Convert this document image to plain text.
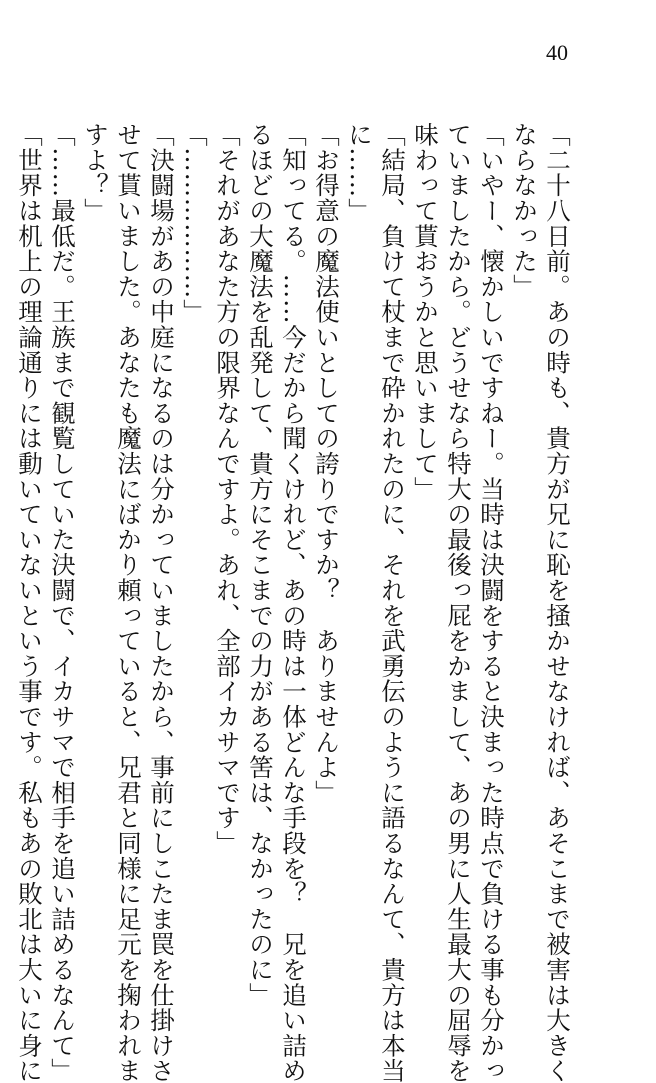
40
「二十八日前。あの時も、貴方が兄に恥を掻かせなければ、あそこまで被害は大きく
ならなかった」
「いやー、懐かしいですねー。当時は決闘をすると決まった時点で負ける事も分かっ
ていましたから。どうせなら特大の最後っ屁をかまして、あの男に人生最大の屈辱を
味わって貰おうかと思いまして」
「結局、負けて杖まで砕かれたのに、それを武勇伝のように語るなんて、貴方は本当
に……」
「お得意の魔法使いとしての誇りですか？　ありませんよ」
「知ってる。……今だから聞くけれど、あの時は一体どんな手段を？　兄を追い詰め
るほどの大魔法を乱発して、貴方にそこまでの力がある筈は、なかったのに」
「それがあなた方の限界なんですよ。あれ、全部イカサマです」
「………………」
「決闘場があの中庭になるのは分かっていましたから、事前にしこたま罠を仕掛けさ
せて貰いました。あなたも魔法にばかり頼っていると、兄君と同様に足元を掬われま
すよ？」
「……最低だ。王族まで観覧していた決闘で、イカサマで相手を追い詰めるなんて」
「世界は机上の理論通りには動いていないという事です。私もあの敗北は大いに身に
